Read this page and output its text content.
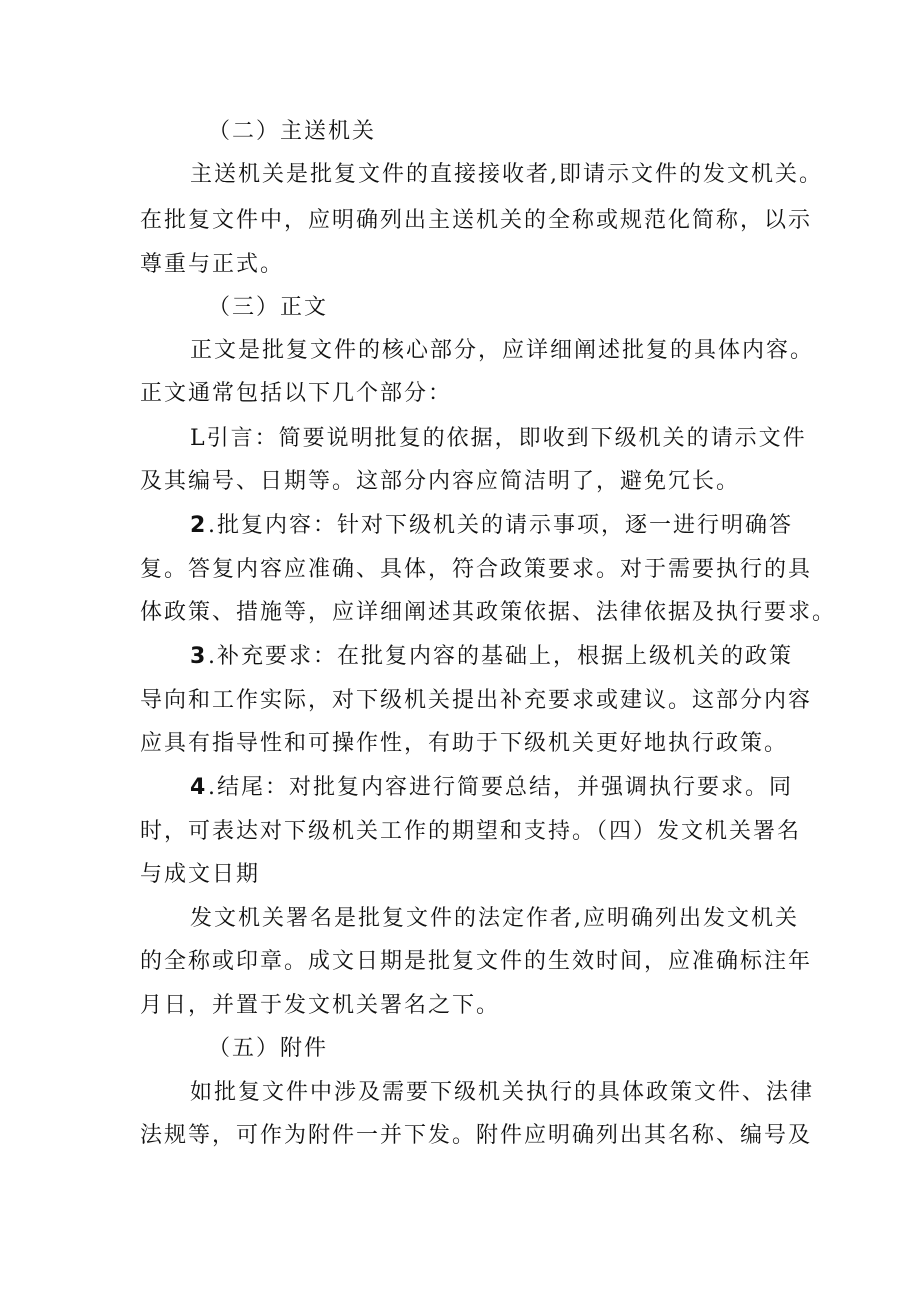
（二）主送机关
主送机关是批复文件的直接接收者,即请示文件的发文机关。
在批复文件中，应明确列出主送机关的全称或规范化简称，以示
尊重与正式。
（三）正文
正文是批复文件的核心部分，应详细阐述批复的具体内容。
正文通常包括以下几个部分：
L引言：简要说明批复的依据，即收到下级机关的请示文件
及其编号、日期等。这部分内容应简洁明了，避免冗长。
2 .批复内容：针对下级机关的请示事项，逐一进行明确答
复。答复内容应准确、具体，符合政策要求。对于需要执行的具
体政策、措施等，应详细阐述其政策依据、法律依据及执行要求。
3 .补充要求：在批复内容的基础上，根据上级机关的政策
导向和工作实际，对下级机关提出补充要求或建议。这部分内容
应具有指导性和可操作性，有助于下级机关更好地执行政策。
4 .结尾：对批复内容进行简要总结，并强调执行要求。同
时，可表达对下级机关工作的期望和支持。（四）发文机关署名
与成文日期
发文机关署名是批复文件的法定作者,应明确列出发文机关
的全称或印章。成文日期是批复文件的生效时间，应准确标注年
月日，并置于发文机关署名之下。
（五）附件
如批复文件中涉及需要下级机关执行的具体政策文件、法律
法规等，可作为附件一并下发。附件应明确列出其名称、编号及
